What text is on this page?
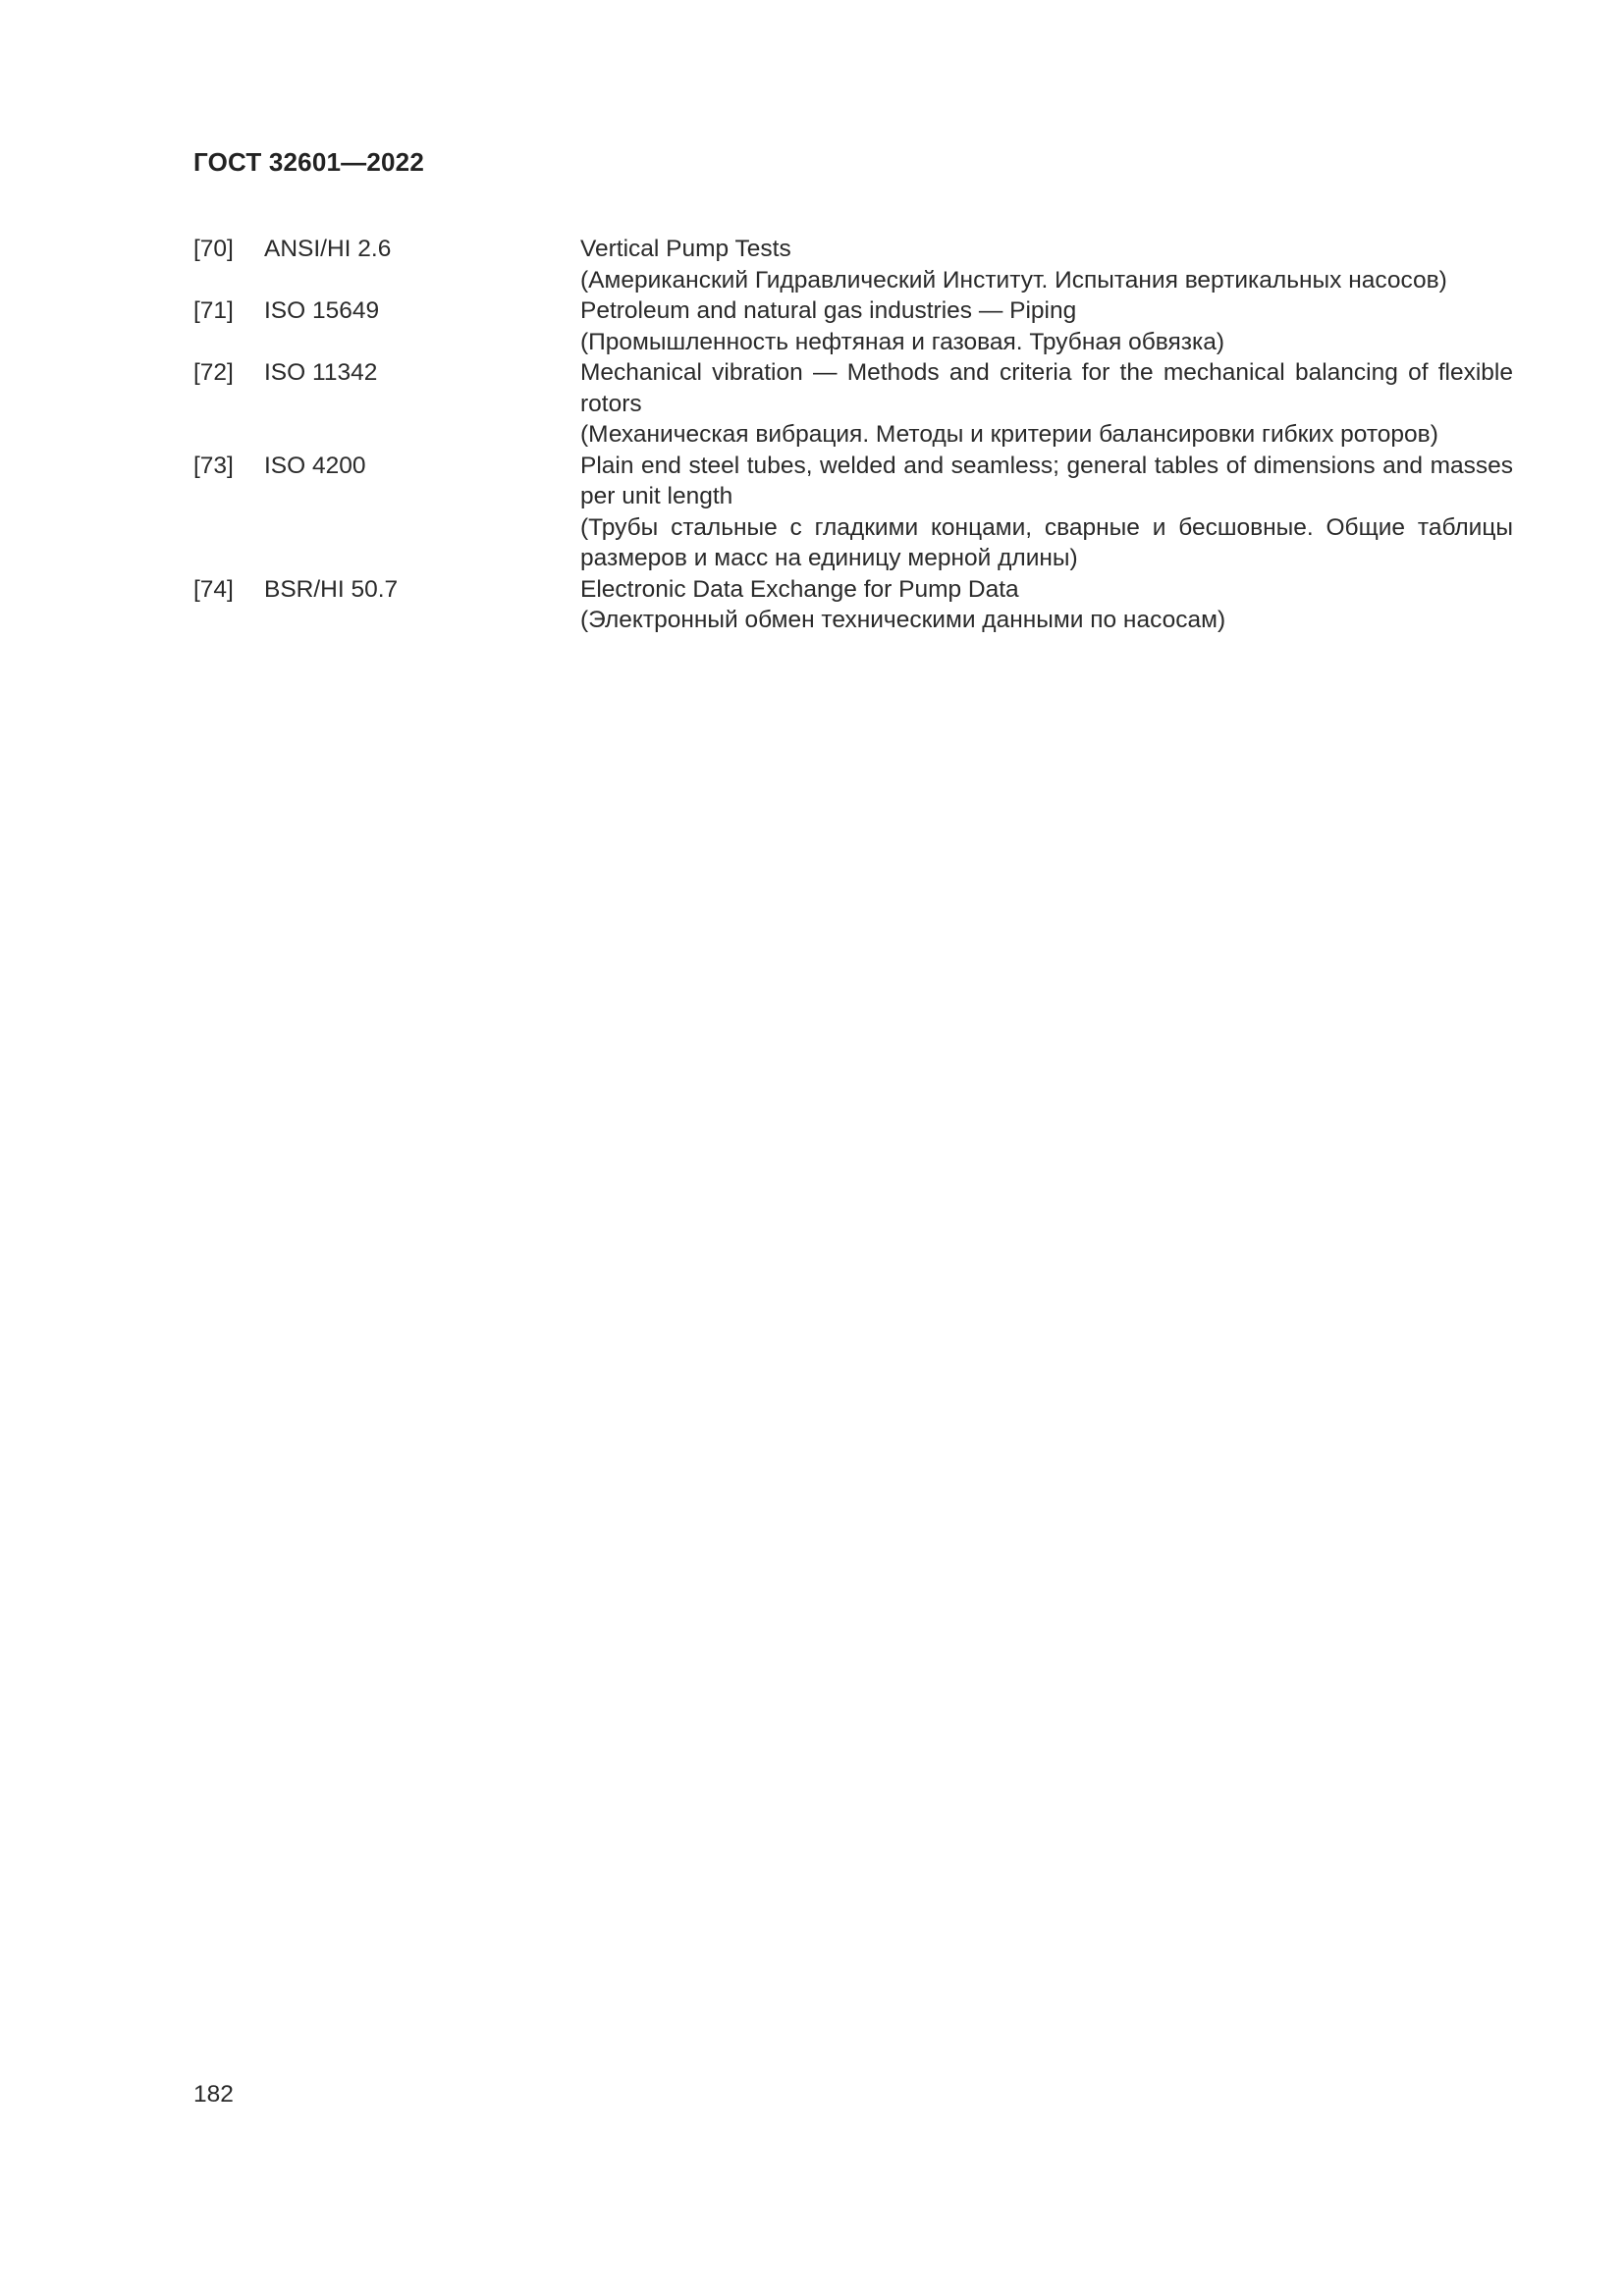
ГОСТ 32601—2022
[70]	ANSI/HI 2.6	Vertical Pump Tests
(Американский Гидравлический Институт. Испытания вертикальных насосов)
[71]	ISO 15649	Petroleum and natural gas industries — Piping
(Промышленность нефтяная и газовая. Трубная обвязка)
[72]	ISO 11342	Mechanical vibration — Methods and criteria for the mechanical balancing of flexible rotors
(Механическая вибрация. Методы и критерии балансировки гибких роторов)
[73]	ISO 4200	Plain end steel tubes, welded and seamless; general tables of dimensions and masses per unit length
(Трубы стальные с гладкими концами, сварные и бесшовные. Общие таблицы размеров и масс на единицу мерной длины)
[74]	BSR/HI 50.7	Electronic Data Exchange for Pump Data
(Электронный обмен техническими данными по насосам)
182
